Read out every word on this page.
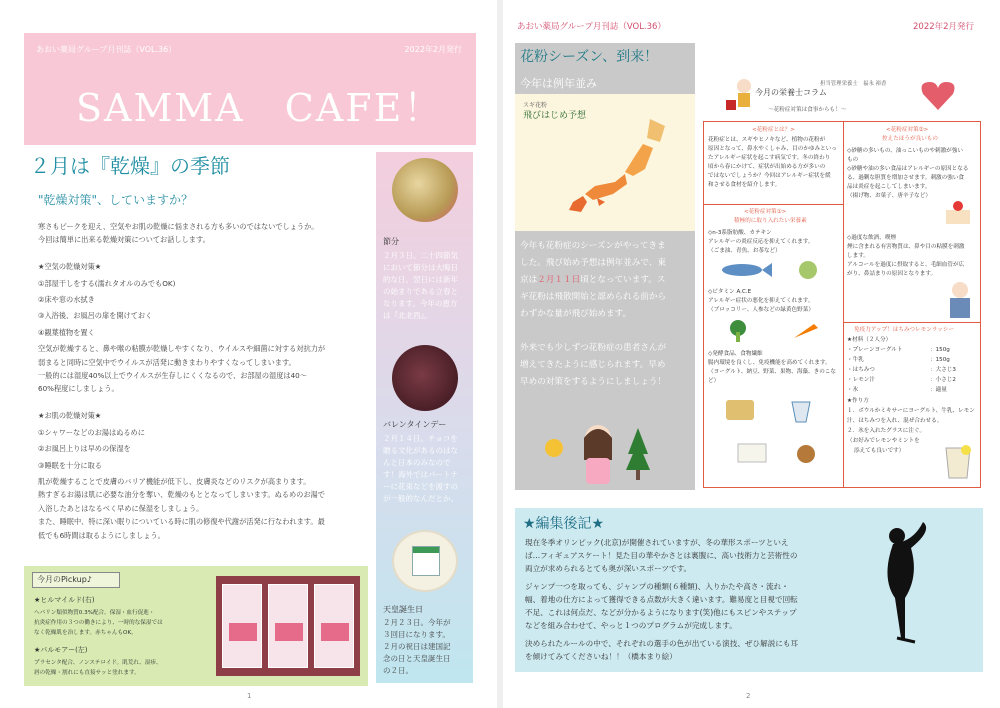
あおい薬局グループ月刊誌（VOL.36）	2022年2月発行
SAMMA　CAFE！
２月は『乾燥』の季節
"乾燥対策"、していますか？

寒さもピークを迎え、空気やお肌の乾燥に悩まされる方も多いのではないでしょうか。

今回は簡単に出来る乾燥対策についてお話しします。

★空気の乾燥対策★

①部屋干しをする(濡れタオルのみでもOK)

②床や窓の水拭き

③入浴後、お風呂の扉を開けておく

④観葉植物を置く

空気が乾燥すると、鼻や喉の粘膜が乾燥しやすくなり、ウイルスや細菌に対する対抗力が

弱まると同時に空気中でウイルスが活発に動きまわりやすくなってしまいます。

一般的には湿度40%以上でウイルスが生存しにくくなるので、お部屋の湿度は40～

60%程度にしましょう。

★お肌の乾燥対策★

①シャワーなどのお湯はぬるめに

②お風呂上りは早めの保湿を

③睡眠を十分に取る

肌が乾燥することで皮膚のバリア機能が低下し、皮膚炎などのリスクが高まります。

熱すぎるお湯は肌に必要な油分を奪い、乾燥のもととなってしまいます。ぬるめのお湯で

入浴したあとはなるべく早めに保湿をしましょう。

また、睡眠中、特に深い眠りについている時に肌の修復や代謝が活発に行なわれます。最

低でも6時間は取るようにしましょう。

節分
２月３日。二十四節気
において節分は大晦日
的な日。翌日には新年
の始まりである立春と
なります。今年の恵方
は『北北西』。
バレンタインデー
２月１４日。チョコを
贈る文化があるのはな
んと日本のみなので
す！海外ではパートナ
ーに花束などを渡すの
が一般的なんだとか。
天皇誕生日
２月２３日。今年が
３回目になります。
２月の祝日は建国記
念の日と天皇誕生日
の２日。
今月のPickup♪
★ヒルマイルド(右)
ヘパリン類似物質0.3%配合。保湿・血行促進・
抗炎症作用の３つの働きにより、一時的な保湿では
なく乾燥肌を治します。赤ちゃんもOK。
★パルモアー(左)
プラセンタ配合、ノンステロイド。肌荒れ、湿疹、
唇の乾燥・割れにも直接サッと塗れます。
1
あおい薬局グループ月刊誌（VOL.36）	2022年2月発行
花粉シーズン、到来！
今年は例年並み
今年も花粉症のシーズンがやってきま
した。飛び始め予想は例年並みで、東
京は２月１１日頃となっています。ス
ギ花粉は飛散開始と認められる前から
わずかな量が飛び始めます。
外来でも少しずつ花粉症の患者さんが
増えてきたように感じられます。早め
早めの対策をするようにしましょう！
スギ花粉
飛びはじめ予想
担当管理栄養士　福永 裕香
今月の栄養士コラム
～花粉症対策は食事からも！～
<花粉症とは？>
花粉症とは、スギやヒノキなど、植物の花粉が
原因となって、鼻水やくしゃみ、目のかゆみといっ
たアレルギー症状を起こす病気です。冬の終わり
頃から春にかけて、症状が出始める方が多いの
ではないでしょうか？今回はアレルギー症状を緩
和させる食材を紹介します。
<花粉症対策①>
積極的に取り入れたい栄養素
◇n-3系脂肪酸、カテキン
アレルギーの炎症反応を抑えてくれます。
（ごま油、青魚、お茶など）
◇ビタミン A.C.E
アレルギー症状の悪化を抑えてくれます。
（ブロッコリー、人参などの緑黄色野菜）
◇発酵食品、食物繊維
腸内環境を良くし、免疫機能を高めてくれます。
（ヨーグルト、納豆、野菜、果物、海藻、きのこな
ど）
<花粉症対策②>
控えたほうが良いもの
◇砂糖の多いもの、油っこいものや刺激が強い
もの
◇砂糖や油の多い食品はアレルギーの原因となる
る、過剰な胆質を増加させます。刺激の強い食
品は炎症を起こしてしまいます。
（揚げ物、お菓子、唐辛子など）
◇過度な飲酒、喫煙
煙に含まれる有害物質は、鼻や目の粘膜を刺激
します。
アルコールを過度に摂取すると、毛細血管が広
がり、鼻詰まりの原因となります。
免疫力アップ！はちみつレモンラッシー
★材料（２人分）
・プレーンヨーグルト	：150g
・牛乳	：150g
・はちみつ	：大さじ3
・レモン汁	：小さじ2
・氷	：適量
★作り方
１．ボウルかミキサーにヨーグルト、牛乳、レモン
汁、はちみつを入れ、混ぜ合わせる。
２．氷を入れたグラスに注ぐ。
（お好みでレモンやミントを
添えても良いです）
★編集後記★
現在冬季オリンピック(北京)が開催されていますが、冬の華形スポーツといえ
ば…フィギュアスケート！見た目の華やかさとは裏腹に、高い技術力と芸術性の
両立が求められるとても奥が深いスポーツです。
ジャンプ一つを取っても、ジャンプの種類(６種類)、入りかたや高さ・流れ・
幅、着地の仕方によって獲得できる点数が大きく違います。難易度と目視で回転
不足、これは何点だ、などが分かるようになります(笑)他にもスピンやステップ
などを組み合わせて、やっと１つのプログラムが完成します。
決められたルールの中で、それぞれの選手の色が出ている演技、ぜひ解説にも耳
を傾けてみてくださいね！！（橋本まり絵）
2
